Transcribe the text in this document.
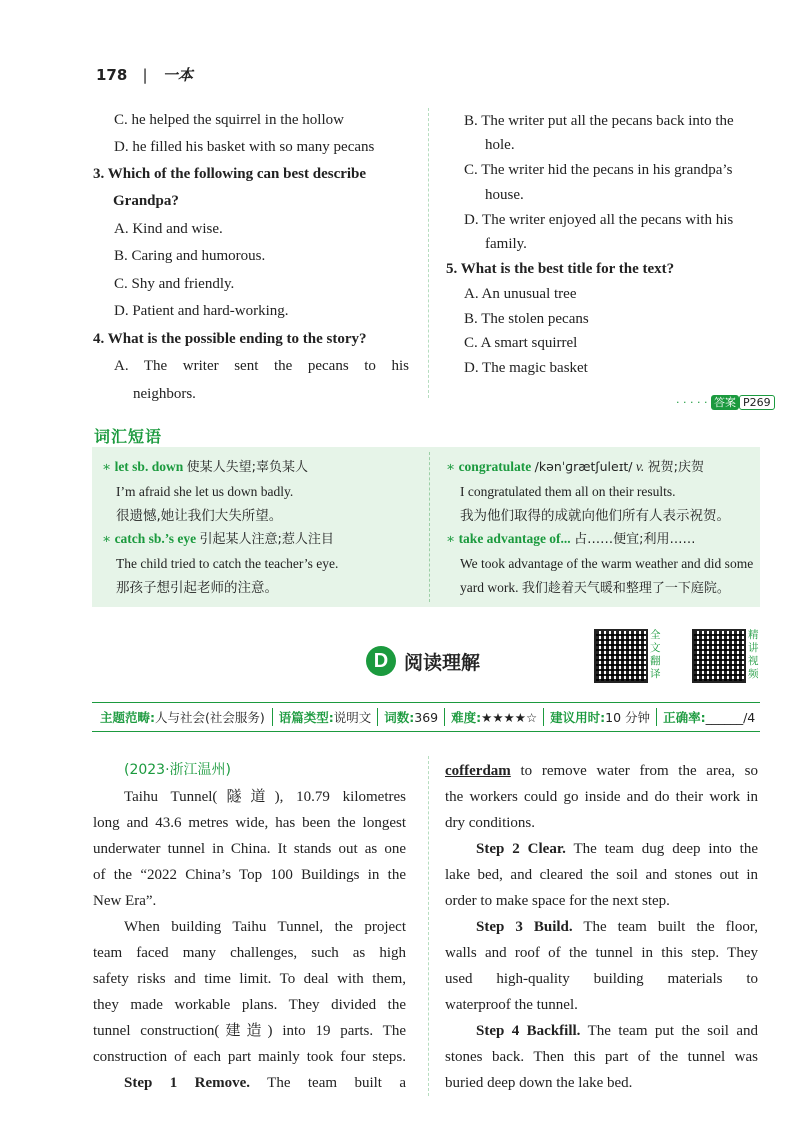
178 | 一本
C. he helped the squirrel in the hollow
D. he filled his basket with so many pecans
3. Which of the following can best describe
Grandpa?
A. Kind and wise.
B. Caring and humorous.
C. Shy and friendly.
D. Patient and hard-working.
4. What is the possible ending to the story?
A. The writer sent the pecans to his
neighbors.
B. The writer put all the pecans back into the
hole.
C. The writer hid the pecans in his grandpa’s
house.
D. The writer enjoyed all the pecans with his
family.
5. What is the best title for the text?
A. An unusual tree
B. The stolen pecans
C. A smart squirrel
D. The magic basket
· · · · · 答案 P269
词汇短语
∗ let sb. down 使某人失望;辜负某人
I’m afraid she let us down badly.
很遗憾,她让我们大失所望。
∗ catch sb.’s eye 引起某人注意;惹人注目
The child tried to catch the teacher’s eye.
那孩子想引起老师的注意。
∗ congratulate /kənˈɡrætʃuleɪt/ v. 祝贺;庆贺
I congratulated them all on their results.
我为他们取得的成就向他们所有人表示祝贺。
∗ take advantage of... 占……便宜;利用……
We took advantage of the warm weather and did some
yard work. 我们趁着天气暖和整理了一下庭院。
D 阅读理解
全文翻译
精讲视频
主题范畴:人与社会(社会服务)	语篇类型:说明文	词数:369	难度:★★★★☆	建议用时:10 分钟	正确率:______/4
(2023·浙江温州)
Taihu Tunnel(隧道), 10.79 kilometres
long and 43.6 metres wide, has been the longest
underwater tunnel in China. It stands out as one
of the “2022 China’s Top 100 Buildings in the
New Era”.
When building Taihu Tunnel, the project
team faced many challenges, such as high
safety risks and time limit. To deal with them,
they made workable plans. They divided the
tunnel construction(建造) into 19 parts. The
construction of each part mainly took four steps.
Step 1 Remove. The team built a
cofferdam to remove water from the area, so
the workers could go inside and do their work in
dry conditions.
Step 2 Clear. The team dug deep into the
lake bed, and cleared the soil and stones out in
order to make space for the next step.
Step 3 Build. The team built the floor,
walls and roof of the tunnel in this step. They
used high-quality building materials to
waterproof the tunnel.
Step 4 Backfill. The team put the soil and
stones back. Then this part of the tunnel was
buried deep down the lake bed.
